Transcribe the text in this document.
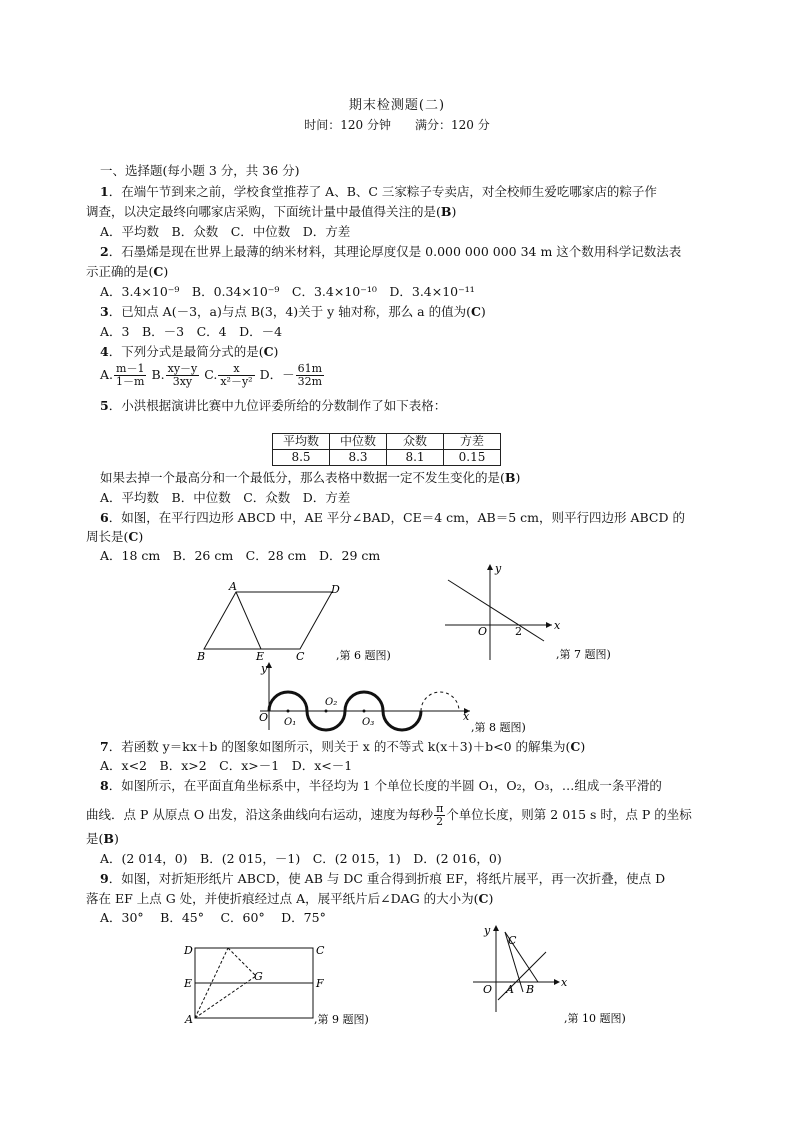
期末检测题(二)
时间：120 分钟　　满分：120 分
一、选择题(每小题 3 分，共 36 分)
1．在端午节到来之前，学校食堂推荐了 A、B、C 三家粽子专卖店，对全校师生爱吃哪家店的粽子作
调查，以决定最终向哪家店采购，下面统计量中最值得关注的是(B)
A．平均数　B．众数　C．中位数　D．方差
2．石墨烯是现在世界上最薄的纳米材料，其理论厚度仅是 0.000 000 000 34 m 这个数用科学记数法表
示正确的是(C)
A．3.4×10⁻⁹　B．0.34×10⁻⁹　C．3.4×10⁻¹⁰　D．3.4×10⁻¹¹
3．已知点 A(－3，a)与点 B(3，4)关于 y 轴对称，那么 a 的值为(C)
A．3　B．－3　C．4　D．－4
4．下列分式是最简分式的是(C)
A. $\frac{m-1}{1-m} B$. $\frac{xy-y}{3xy} C$. $\frac{x}{\text{x²－y²}}$ D．－ $\frac{61m}{32m}$
5．小洪根据演讲比赛中九位评委所给的分数制作了如下表格：
平均数	中位数	众数	方差
8.5	8.3	8.1	0.15
如果去掉一个最高分和一个最低分，那么表格中数据一定不发生变化的是(B)
A．平均数　B．中位数　C．众数　D．方差
6．如图，在平行四边形 ABCD 中，AE 平分∠BAD，CE＝4 cm，AB＝5 cm，则平行四边形 ABCD 的
周长是(C)
A．18 cm　B．26 cm　C．28 cm　D．29 cm
A	D
B	E	C	,第 6 题图)
x
y
O	2
,第 7 题图)
x
y
O O₁
O₂
O₃	,第 8 题图)
7．若函数 y＝kx＋b 的图象如图所示，则关于 x 的不等式 k(x＋3)＋b<0 的解集为(C)
A．x<2　B．x>2　C．x>－1　D．x<－1
8．如图所示，在平面直角坐标系中，半径均为 1 个单位长度的半圆 O₁，O₂，O₃，…组成一条平滑的
曲线．点 P 从原点 O 出发，沿这条曲线向右运动，速度为每秒 $\frac{\pi}{2}$ 个单位长度，则第 2 015 s 时，点 P 的坐标
是(B)
A．(2 014，0)　B．(2 015，－1)　C．(2 015，1)　D．(2 016，0)
9．如图，对折矩形纸片 ABCD，使 AB 与 DC 重合得到折痕 EF，将纸片展平，再一次折叠，使点 D
落在 EF 上点 G 处，并使折痕经过点 A，展平纸片后∠DAG 的大小为(C)
A．30°　 B．45°　 C．60°　 D．75°
D	C
E	F
G
A	,第 9 题图)
x
y
O A B
C
,第 10 题图)
